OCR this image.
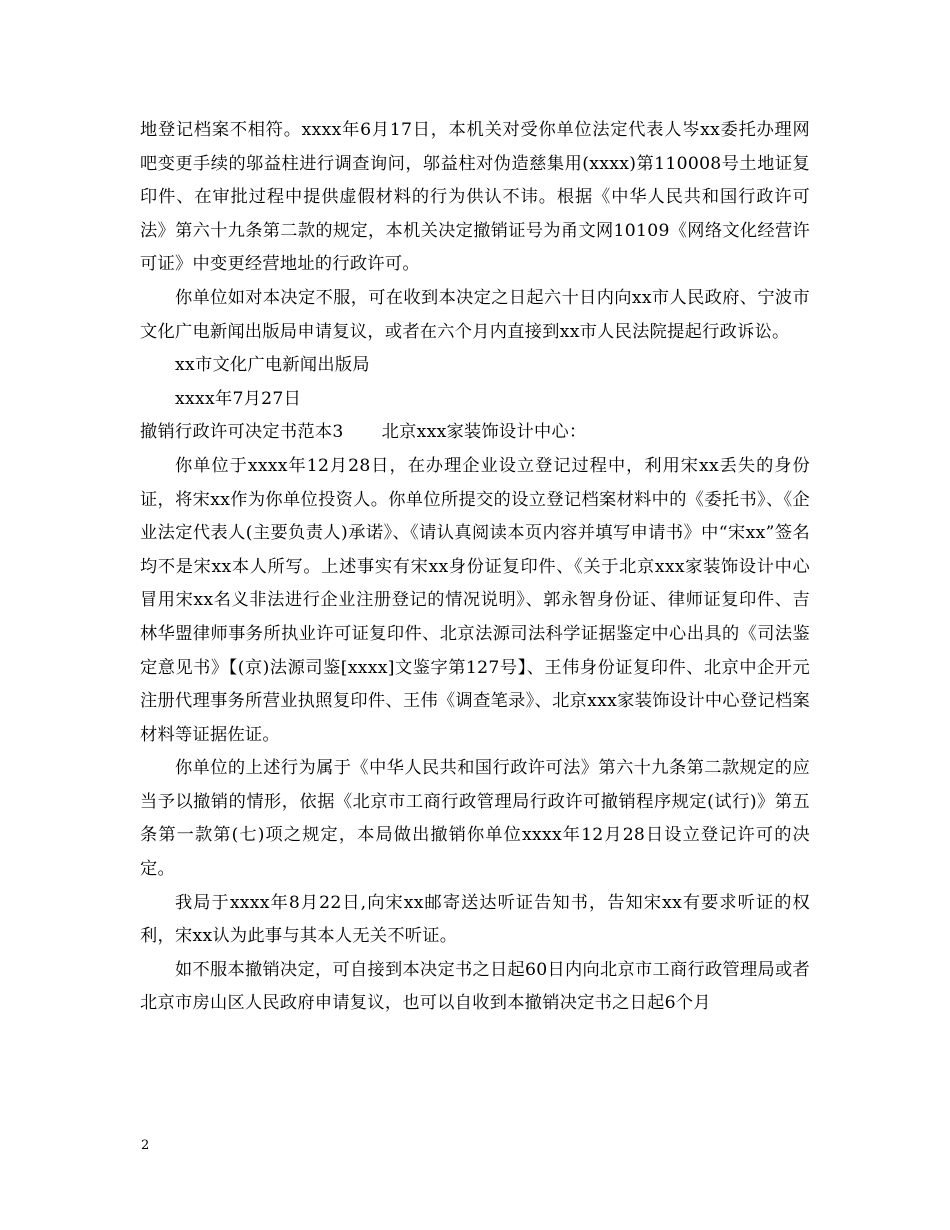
地登记档案不相符。xxxx年6月17日，本机关对受你单位法定代表人岑xx委托办理网吧变更手续的邬益柱进行调查询问，邬益柱对伪造慈集用(xxxx)第110008号土地证复印件、在审批过程中提供虚假材料的行为供认不讳。根据《中华人民共和国行政许可法》第六十九条第二款的规定，本机关决定撤销证号为甬文网10109《网络文化经营许可证》中变更经营地址的行政许可。

你单位如对本决定不服，可在收到本决定之日起六十日内向xx市人民政府、宁波市文化广电新闻出版局申请复议，或者在六个月内直接到xx市人民法院提起行政诉讼。

xx市文化广电新闻出版局

xxxx年7月27日

撤销行政许可决定书范本3 北京xxx家装饰设计中心：

你单位于xxxx年12月28日，在办理企业设立登记过程中，利用宋xx丢失的身份证，将宋xx作为你单位投资人。你单位所提交的设立登记档案材料中的《委托书》、《企业法定代表人(主要负责人)承诺》、《请认真阅读本页内容并填写申请书》中“宋xx”签名均不是宋xx本人所写。上述事实有宋xx身份证复印件、《关于北京xxx家装饰设计中心冒用宋xx名义非法进行企业注册登记的情况说明》、郭永智身份证、律师证复印件、吉林华盟律师事务所执业许可证复印件、北京法源司法科学证据鉴定中心出具的《司法鉴定意见书》【(京)法源司鉴[xxxx]文鉴字第127号】、王伟身份证复印件、北京中企开元注册代理事务所营业执照复印件、王伟《调查笔录》、北京xxx家装饰设计中心登记档案材料等证据佐证。

你单位的上述行为属于《中华人民共和国行政许可法》第六十九条第二款规定的应当予以撤销的情形，依据《北京市工商行政管理局行政许可撤销程序规定(试行)》第五条第一款第(七)项之规定，本局做出撤销你单位xxxx年12月28日设立登记许可的决定。

我局于xxxx年8月22日,向宋xx邮寄送达听证告知书，告知宋xx有要求听证的权利，宋xx认为此事与其本人无关不听证。

如不服本撤销决定，可自接到本决定书之日起60日内向北京市工商行政管理局或者北京市房山区人民政府申请复议，也可以自收到本撤销决定书之日起6个月

2
